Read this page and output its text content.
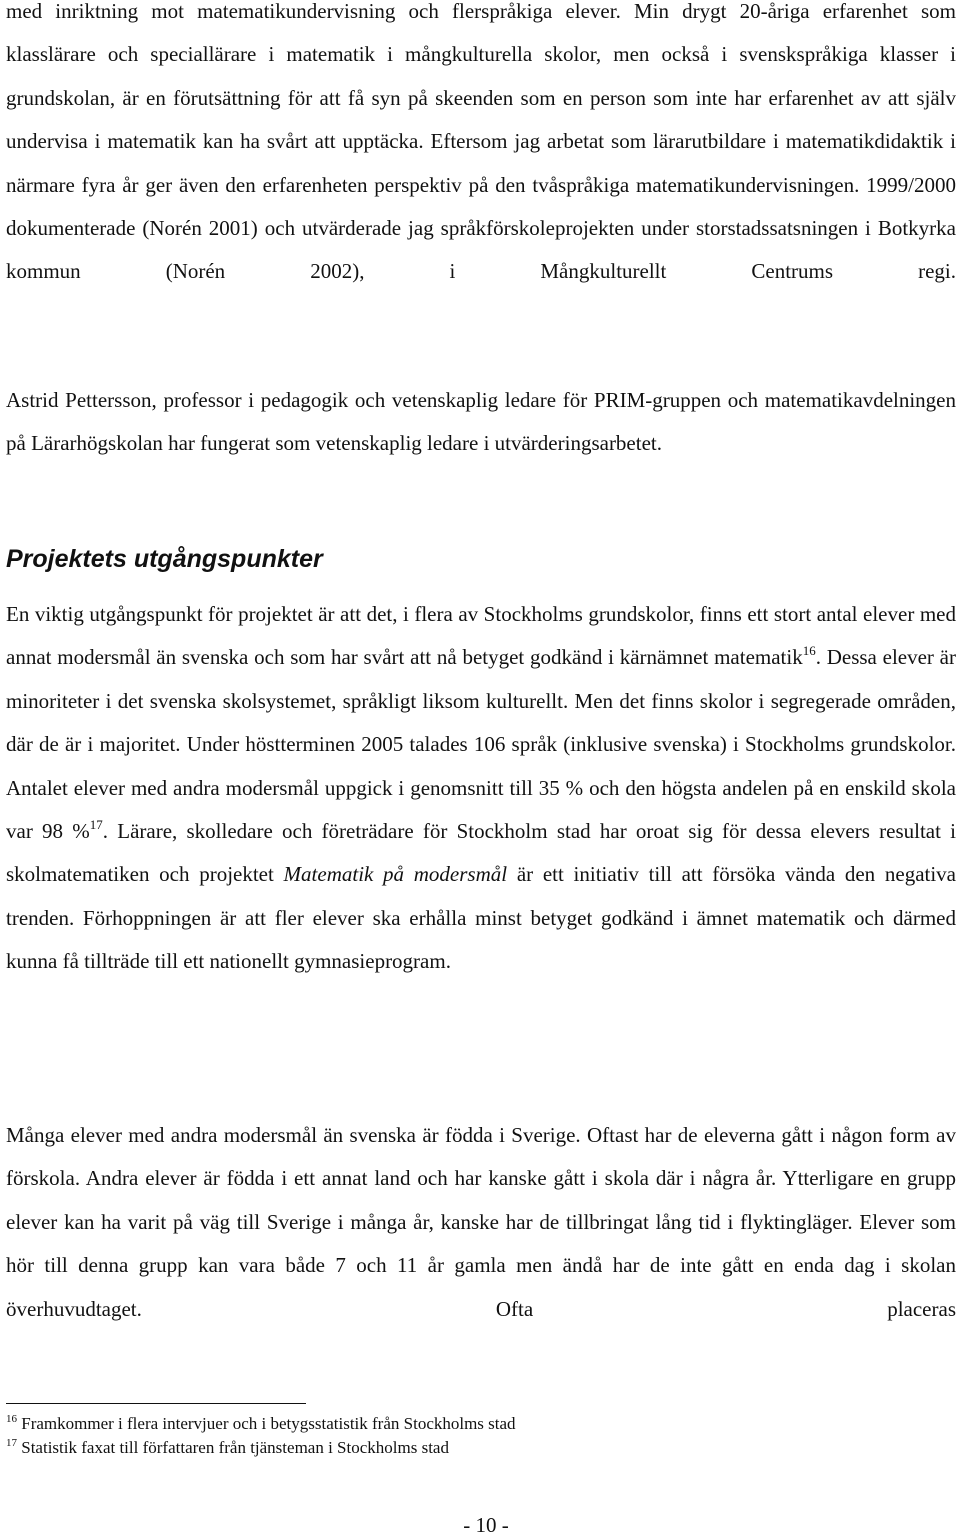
med inriktning mot matematikundervisning och flerspråkiga elever. Min drygt 20-åriga erfarenhet som klasslärare och speciallärare i matematik i mångkulturella skolor, men också i svenskspråkiga klasser i grundskolan, är en förutsättning för att få syn på skeenden som en person som inte har erfarenhet av att själv undervisa i matematik kan ha svårt att upptäcka. Eftersom jag arbetat som lärarutbildare i matematikdidaktik i närmare fyra år ger även den erfarenheten perspektiv på den tvåspråkiga matematikundervisningen. 1999/2000 dokumenterade (Norén 2001) och utvärderade jag språkförskoleprojekten under storstadssatsningen i Botkyrka kommun (Norén 2002), i Mångkulturellt Centrums regi.

Astrid Pettersson, professor i pedagogik och vetenskaplig ledare för PRIM-gruppen och matematikavdelningen på Lärarhögskolan har fungerat som vetenskaplig ledare i utvärderingsarbetet.

Projektets utgångspunkter

En viktig utgångspunkt för projektet är att det, i flera av Stockholms grundskolor, finns ett stort antal elever med annat modersmål än svenska och som har svårt att nå betyget godkänd i kärnämnet matematik$^{16}$. Dessa elever är minoriteter i det svenska skolsystemet, språkligt liksom kulturellt. Men det finns skolor i segregerade områden, där de är i majoritet. Under höstterminen 2005 talades 106 språk (inklusive svenska) i Stockholms grundskolor. Antalet elever med andra modersmål uppgick i genomsnitt till 35 % och den högsta andelen på en enskild skola var 98 %$^{17}$. Lärare, skolledare och företrädare för Stockholm stad har oroat sig för dessa elevers resultat i skolmatematiken och projektet Matematik på modersmål är ett initiativ till att försöka vända den negativa trenden. Förhoppningen är att fler elever ska erhålla minst betyget godkänd i ämnet matematik och därmed kunna få tillträde till ett nationellt gymnasieprogram.

Många elever med andra modersmål än svenska är födda i Sverige. Oftast har de eleverna gått i någon form av förskola. Andra elever är födda i ett annat land och har kanske gått i skola där i några år. Ytterligare en grupp elever kan ha varit på väg till Sverige i många år, kanske har de tillbringat lång tid i flyktingläger. Elever som hör till denna grupp kan vara både 7 och 11 år gamla men ändå har de inte gått en enda dag i skolan överhuvudtaget. Ofta placeras

$^{16}$ Framkommer i flera intervjuer och i betygsstatistik från Stockholms stad
$^{17}$ Statistik faxat till författaren från tjänsteman i Stockholms stad
- 10 -
